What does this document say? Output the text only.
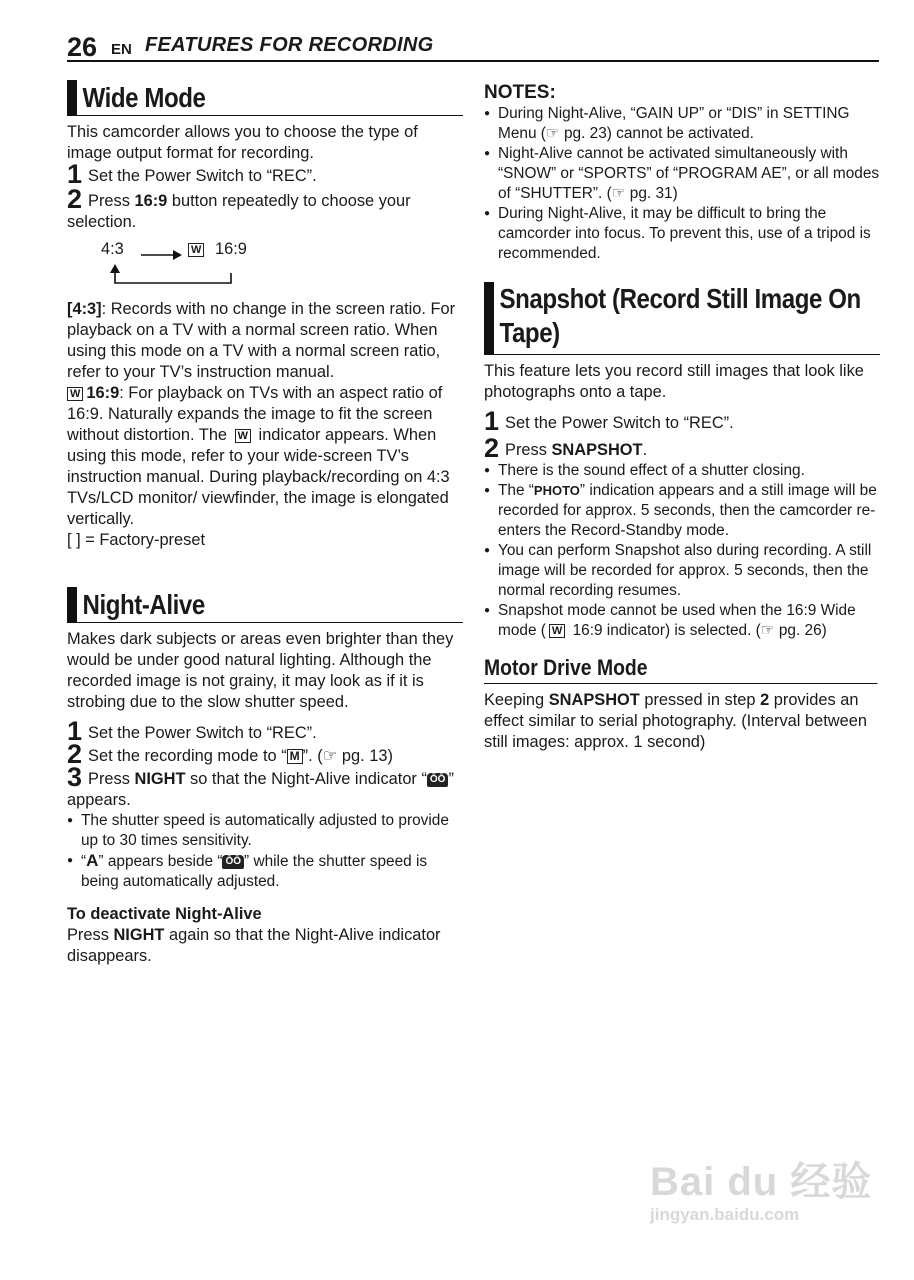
26 EN FEATURES FOR RECORDING
Wide Mode

This camcorder allows you to choose the type of image output format for recording.

1 Set the Power Switch to “REC”.

2 Press 16:9 button repeatedly to choose your selection.

4:3	W 16:9

[4:3]: Records with no change in the screen ratio. For playback on a TV with a normal screen ratio. When using this mode on a TV with a normal screen ratio, refer to your TV’s instruction manual.

W 16:9: For playback on TVs with an aspect ratio of 16:9. Naturally expands the image to fit the screen without distortion. The W indicator appears. When using this mode, refer to your wide-screen TV’s instruction manual. During playback/recording on 4:3 TVs/LCD monitor/ viewfinder, the image is elongated vertically.

[ ] = Factory-preset

Night-Alive

Makes dark subjects or areas even brighter than they would be under good natural lighting. Although the recorded image is not grainy, it may look as if it is strobing due to the slow shutter speed.

1 Set the Power Switch to “REC”.

2 Set the recording mode to “ M ”. (☞ pg. 13)

3 Press NIGHT so that the Night-Alive indicator “ ŌŌ ” appears.

● The shutter speed is automatically adjusted to provide up to 30 times sensitivity.
● “A” appears beside “ ŌŌ ” while the shutter speed is being automatically adjusted.

To deactivate Night-Alive

Press NIGHT again so that the Night-Alive indicator disappears.

NOTES:

● During Night-Alive, “GAIN UP” or “DIS” in SETTING Menu (☞ pg. 23) cannot be activated.
● Night-Alive cannot be activated simultaneously with “SNOW” or “SPORTS” of “PROGRAM AE”, or all modes of “SHUTTER”. (☞ pg. 31)
● During Night-Alive, it may be difficult to bring the camcorder into focus. To prevent this, use of a tripod is recommended.
Snapshot (Record Still Image On
Tape)

This feature lets you record still images that look like photographs onto a tape.

1 Set the Power Switch to “REC”.

2 Press SNAPSHOT.

● There is the sound effect of a shutter closing.
● The “PHOTO” indication appears and a still image will be recorded for approx. 5 seconds, then the camcorder re-enters the Record-Standby mode.
● You can perform Snapshot also during recording. A still image will be recorded for approx. 5 seconds, then the normal recording resumes.
● Snapshot mode cannot be used when the 16:9 Wide mode ( W 16:9 indicator) is selected. (☞ pg. 26)
Motor Drive Mode

Keeping SNAPSHOT pressed in step 2 provides an effect similar to serial photography. (Interval between still images: approx. 1 second)

Bai du 经验
jingyan.baidu.com
